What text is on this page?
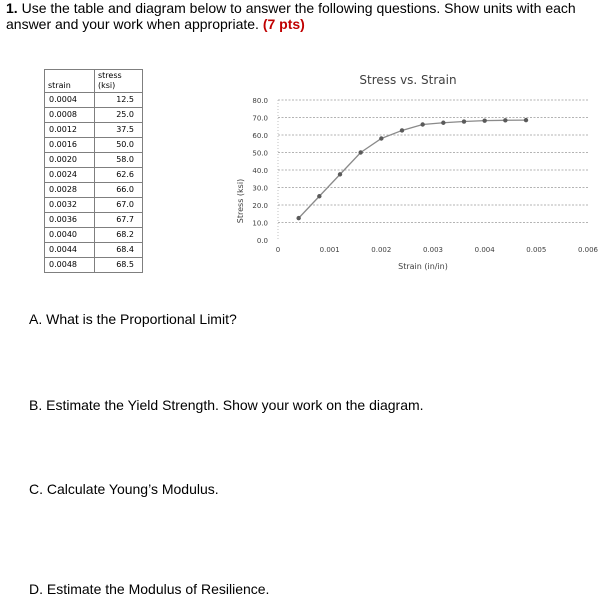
1. Use the table and diagram below to answer the following questions. Show units with each answer and your work when appropriate. (7 pts)
strain	stress
(ksi)

0.0004	12.5
0.0008	25.0
0.0012	37.5
0.0016	50.0
0.0020	58.0
0.0024	62.6
0.0028	66.0
0.0032	67.0
0.0036	67.7
0.0040	68.2
0.0044	68.4
0.0048	68.5
Stress vs. Strain
Stress (ksi)
Strain (in/in)
0.0
10.0
20.0
30.0
40.0
50.0
60.0
70.0
80.0
0	0.001	0.002	0.003	0.004	0.005	0.006
A. What is the Proportional Limit?
B. Estimate the Yield Strength. Show your work on the diagram.
C. Calculate Young’s Modulus.
D. Estimate the Modulus of Resilience.
